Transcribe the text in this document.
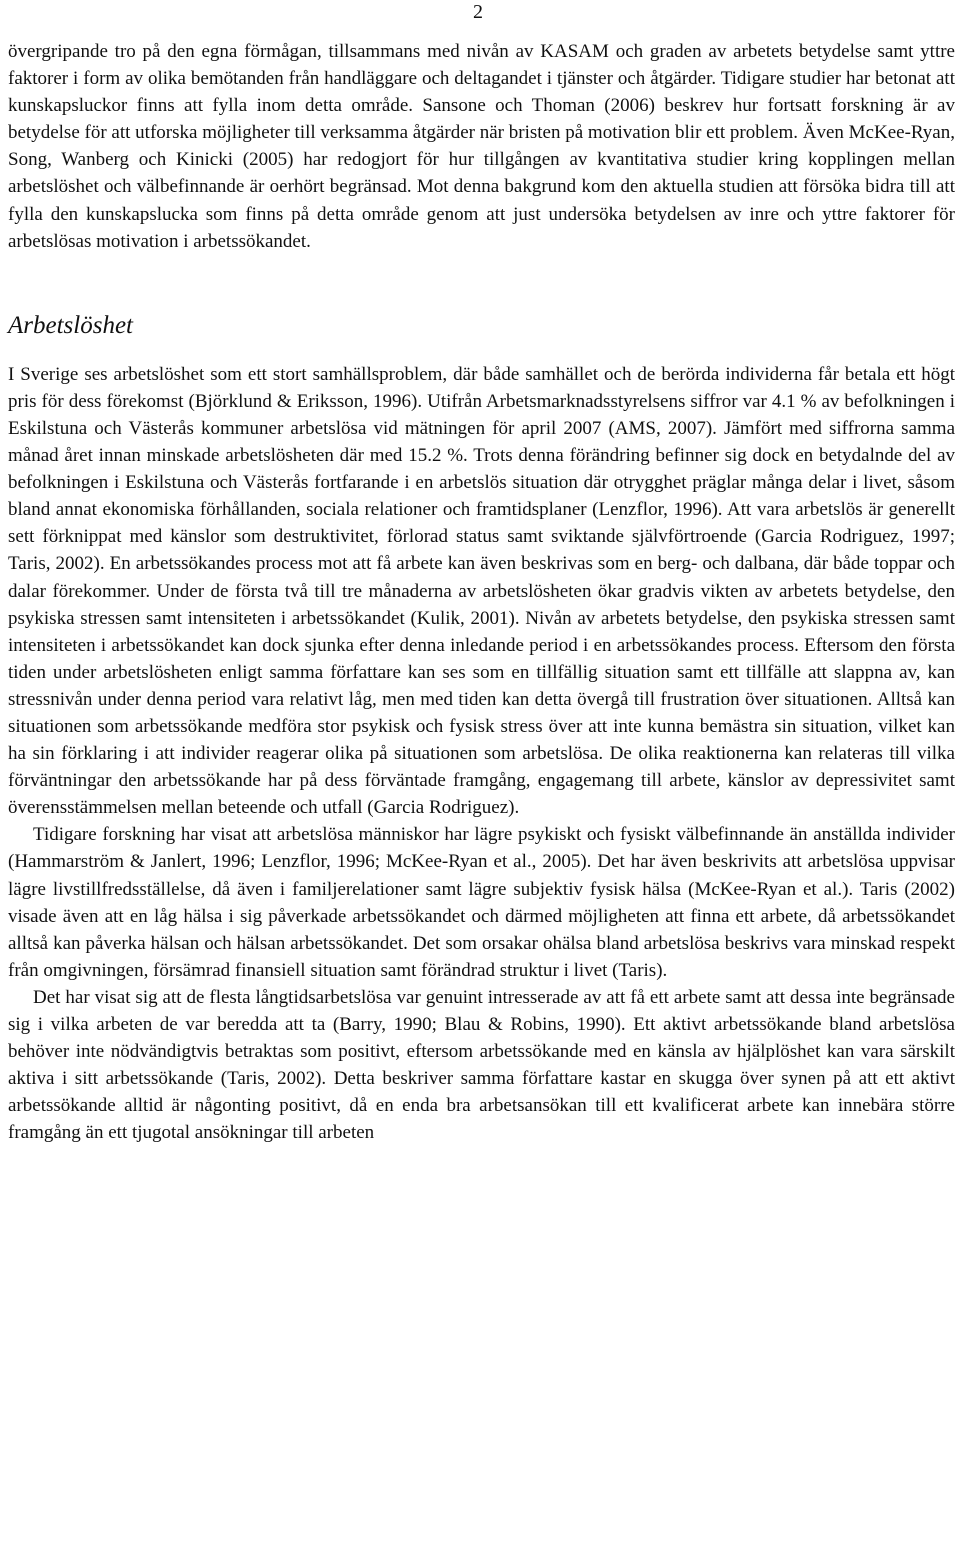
2

övergripande tro på den egna förmågan, tillsammans med nivån av KASAM och graden av arbetets betydelse samt yttre faktorer i form av olika bemötanden från handläggare och deltagandet i tjänster och åtgärder. Tidigare studier har betonat att kunskapsluckor finns att fylla inom detta område. Sansone och Thoman (2006) beskrev hur fortsatt forskning är av betydelse för att utforska möjligheter till verksamma åtgärder när bristen på motivation blir ett problem. Även McKee-Ryan, Song, Wanberg och Kinicki (2005) har redogjort för hur tillgången av kvantitativa studier kring kopplingen mellan arbetslöshet och välbefinnande är oerhört begränsad. Mot denna bakgrund kom den aktuella studien att försöka bidra till att fylla den kunskapslucka som finns på detta område genom att just undersöka betydelsen av inre och yttre faktorer för arbetslösas motivation i arbetssökandet.

Arbetslöshet

I Sverige ses arbetslöshet som ett stort samhällsproblem, där både samhället och de berörda individerna får betala ett högt pris för dess förekomst (Björklund & Eriksson, 1996). Utifrån Arbetsmarknadsstyrelsens siffror var 4.1 % av befolkningen i Eskilstuna och Västerås kommuner arbetslösa vid mätningen för april 2007 (AMS, 2007). Jämfört med siffrorna samma månad året innan minskade arbetslösheten där med 15.2 %. Trots denna förändring befinner sig dock en betydalnde del av befolkningen i Eskilstuna och Västerås fortfarande i en arbetslös situation där otrygghet präglar många delar i livet, såsom bland annat ekonomiska förhållanden, sociala relationer och framtidsplaner (Lenzflor, 1996). Att vara arbetslös är generellt sett förknippat med känslor som destruktivitet, förlorad status samt sviktande självförtroende (Garcia Rodriguez, 1997; Taris, 2002). En arbetssökandes process mot att få arbete kan även beskrivas som en berg- och dalbana, där både toppar och dalar förekommer. Under de första två till tre månaderna av arbetslösheten ökar gradvis vikten av arbetets betydelse, den psykiska stressen samt intensiteten i arbetssökandet (Kulik, 2001). Nivån av arbetets betydelse, den psykiska stressen samt intensiteten i arbetssökandet kan dock sjunka efter denna inledande period i en arbetssökandes process. Eftersom den första tiden under arbetslösheten enligt samma författare kan ses som en tillfällig situation samt ett tillfälle att slappna av, kan stressnivån under denna period vara relativt låg, men med tiden kan detta övergå till frustration över situationen. Alltså kan situationen som arbetssökande medföra stor psykisk och fysisk stress över att inte kunna bemästra sin situation, vilket kan ha sin förklaring i att individer reagerar olika på situationen som arbetslösa. De olika reaktionerna kan relateras till vilka förväntningar den arbetssökande har på dess förväntade framgång, engagemang till arbete, känslor av depressivitet samt överensstämmelsen mellan beteende och utfall (Garcia Rodriguez).

Tidigare forskning har visat att arbetslösa människor har lägre psykiskt och fysiskt välbefinnande än anställda individer (Hammarström & Janlert, 1996; Lenzflor, 1996; McKee-Ryan et al., 2005). Det har även beskrivits att arbetslösa uppvisar lägre livstillfredsställelse, då även i familjerelationer samt lägre subjektiv fysisk hälsa (McKee-Ryan et al.). Taris (2002) visade även att en låg hälsa i sig påverkade arbetssökandet och därmed möjligheten att finna ett arbete, då arbetssökandet alltså kan påverka hälsan och hälsan arbetssökandet. Det som orsakar ohälsa bland arbetslösa beskrivs vara minskad respekt från omgivningen, försämrad finansiell situation samt förändrad struktur i livet (Taris).

Det har visat sig att de flesta långtidsarbetslösa var genuint intresserade av att få ett arbete samt att dessa inte begränsade sig i vilka arbeten de var beredda att ta (Barry, 1990; Blau & Robins, 1990). Ett aktivt arbetssökande bland arbetslösa behöver inte nödvändigtvis betraktas som positivt, eftersom arbetssökande med en känsla av hjälplöshet kan vara särskilt aktiva i sitt arbetssökande (Taris, 2002). Detta beskriver samma författare kastar en skugga över synen på att ett aktivt arbetssökande alltid är någonting positivt, då en enda bra arbetsansökan till ett kvalificerat arbete kan innebära större framgång än ett tjugotal ansökningar till arbeten
